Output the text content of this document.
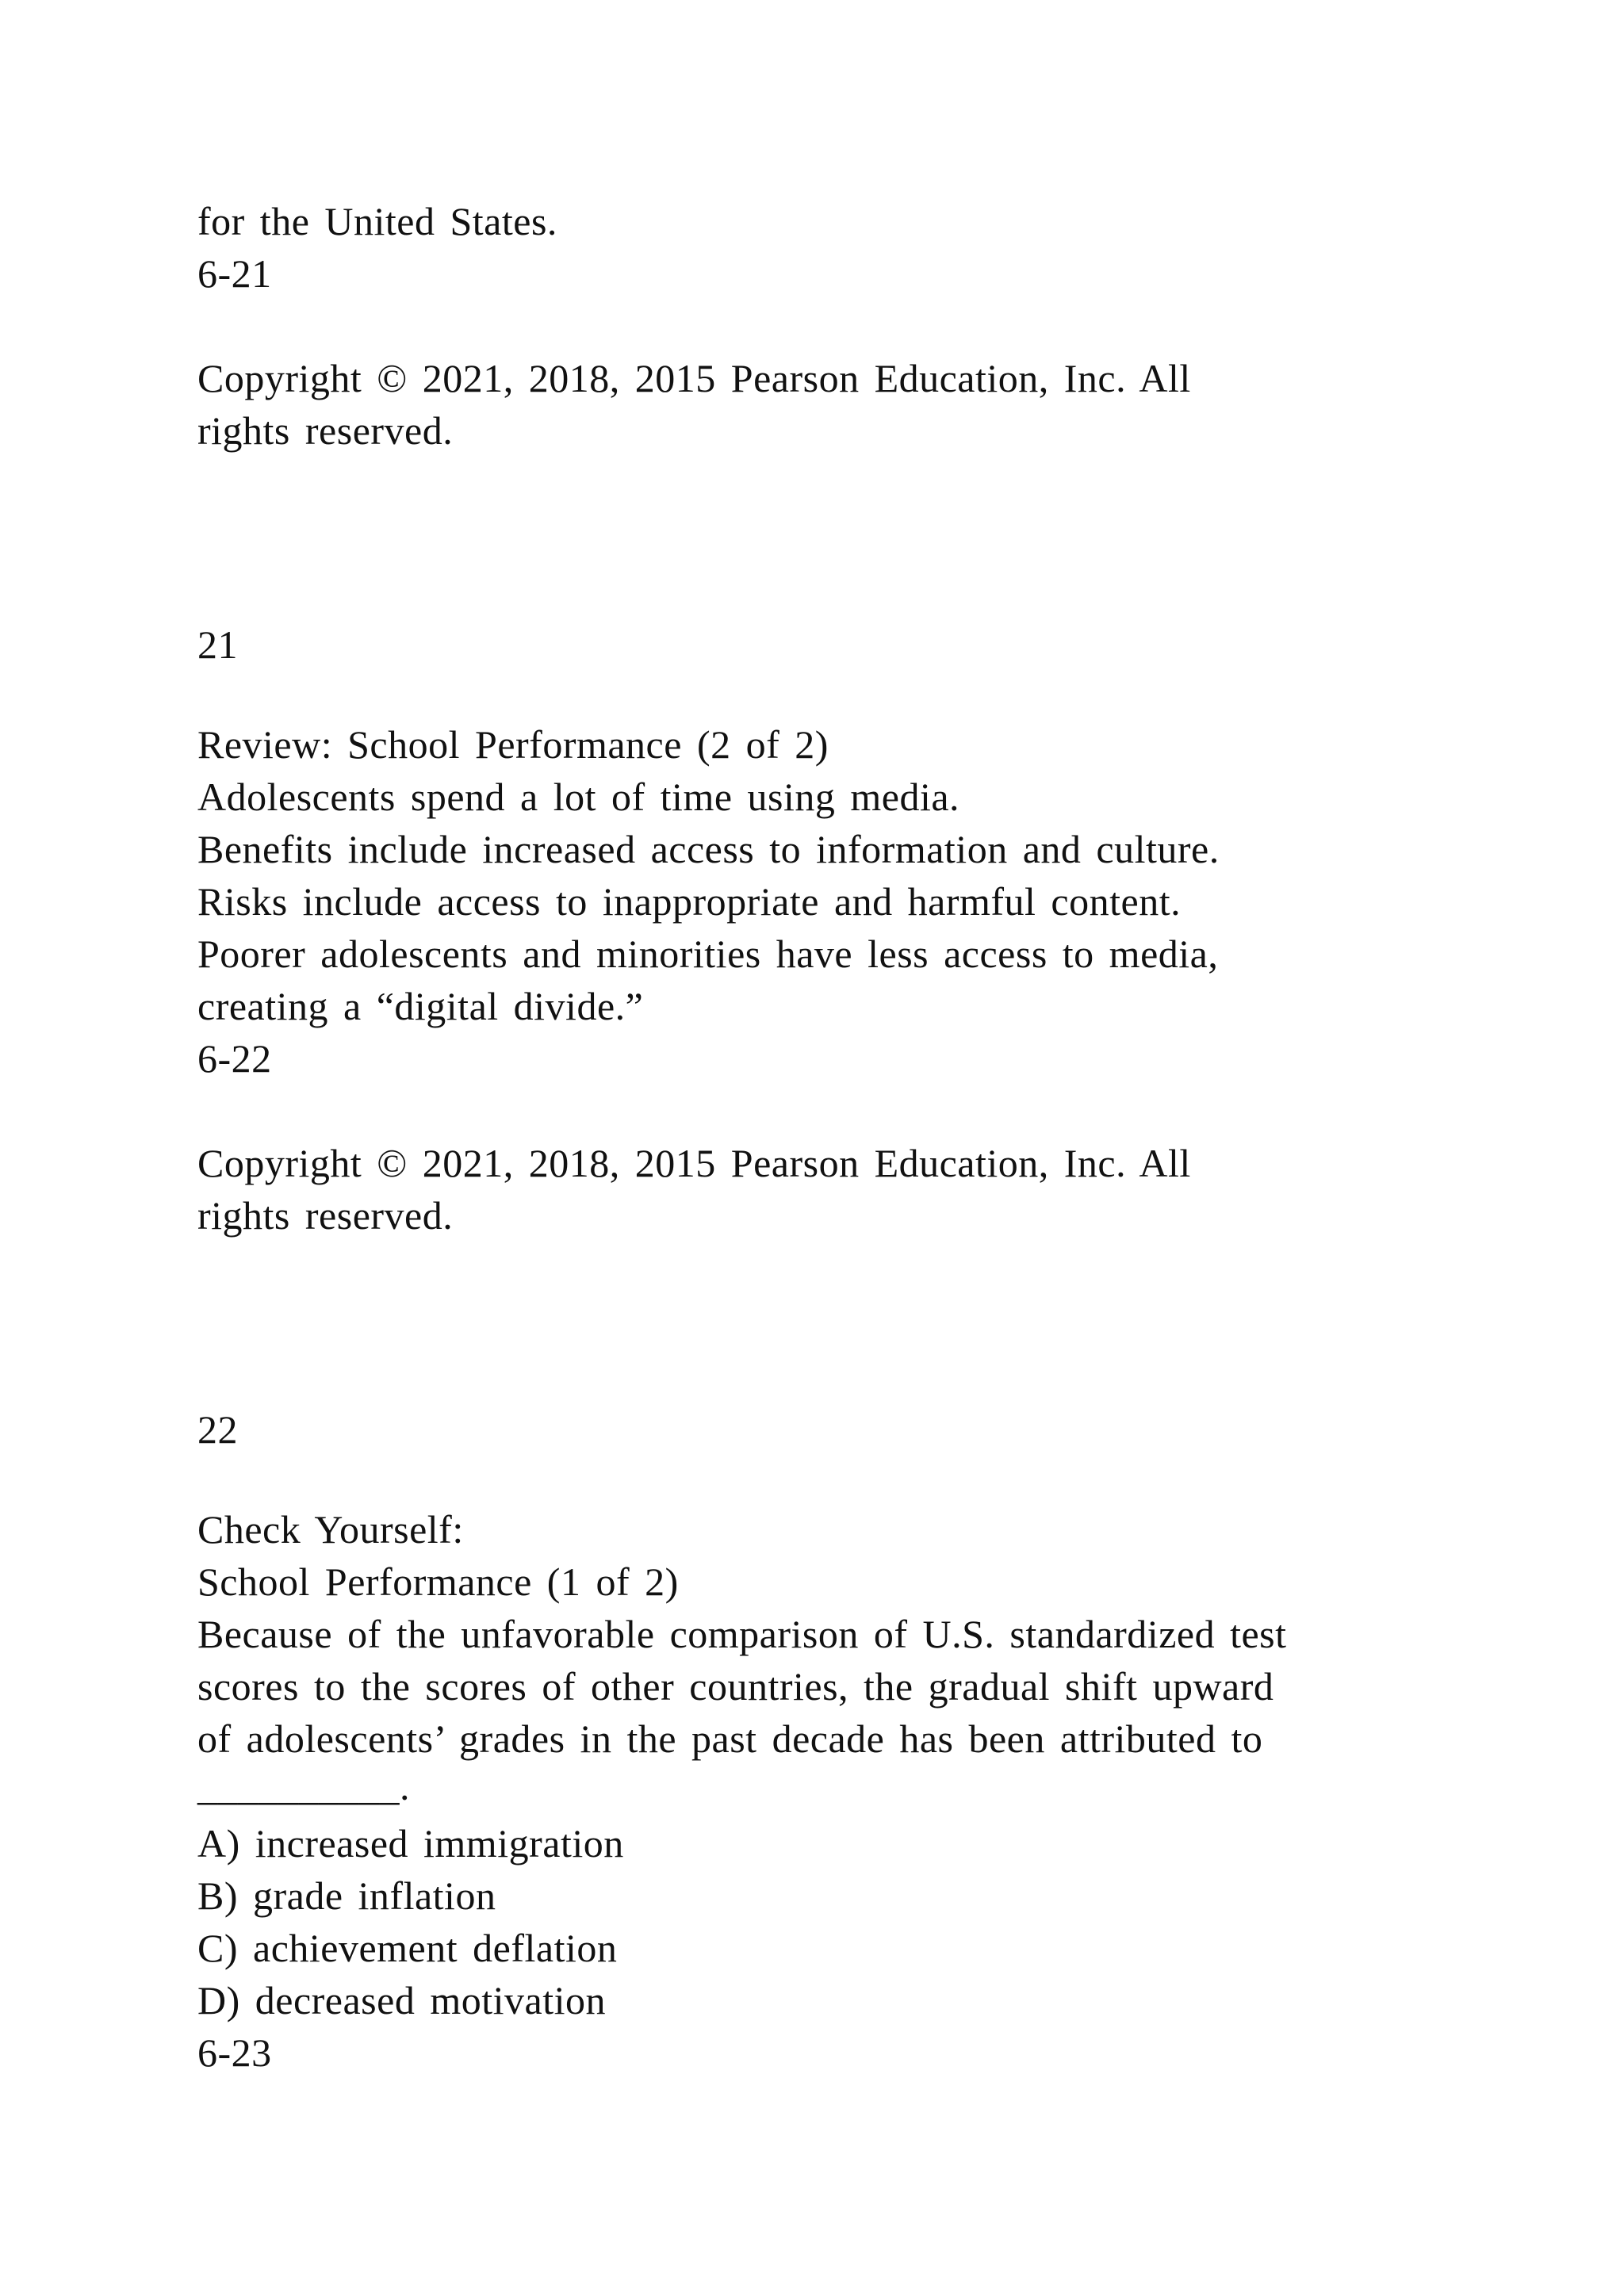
for the United States.

6-21

Copyright © 2021, 2018, 2015 Pearson Education, Inc. All

rights reserved.

21

Review: School Performance (2 of 2)

Adolescents spend a lot of time using media.

Benefits include increased access to information and culture.

Risks include access to inappropriate and harmful content.

Poorer adolescents and minorities have less access to media,

creating a “digital divide.”

6-22

Copyright © 2021, 2018, 2015 Pearson Education, Inc. All

rights reserved.

22

Check Yourself:

School Performance (1 of 2)

Because of the unfavorable comparison of U.S. standardized test

scores to the scores of other countries, the gradual shift upward

of adolescents’ grades in the past decade has been attributed to

__________.

A) increased immigration

B) grade inflation

C) achievement deflation

D) decreased motivation

6-23
